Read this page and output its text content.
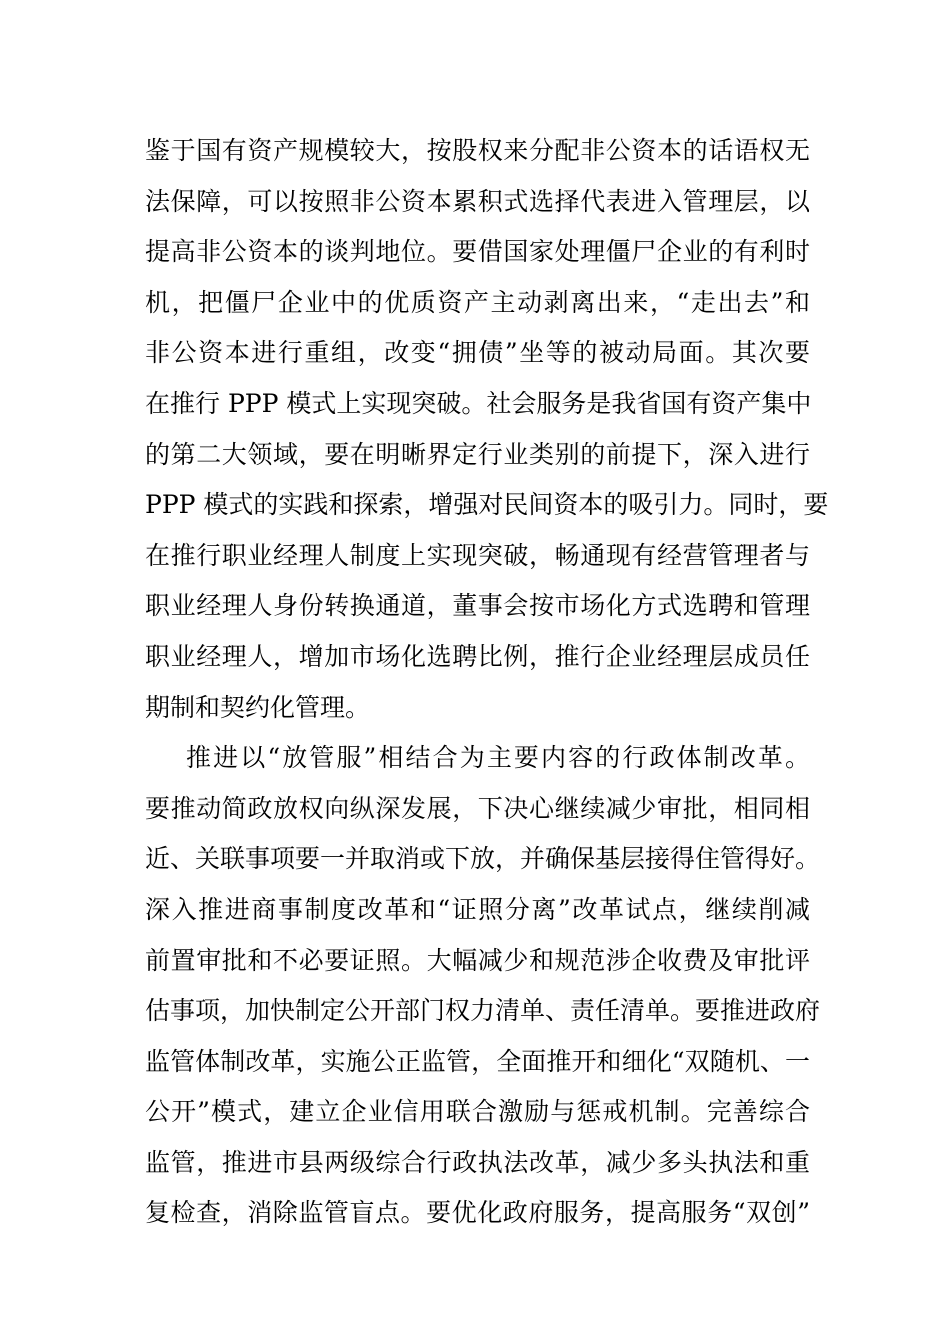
鉴于国有资产规模较大，按股权来分配非公资本的话语权无
法保障，可以按照非公资本累积式选择代表进入管理层，以
提高非公资本的谈判地位。要借国家处理僵尸企业的有利时
机，把僵尸企业中的优质资产主动剥离出来，“走出去”和
非公资本进行重组，改变“拥债”坐等的被动局面。其次要
在推行 PPP 模式上实现突破。社会服务是我省国有资产集中
的第二大领域，要在明晰界定行业类别的前提下，深入进行
PPP 模式的实践和探索，增强对民间资本的吸引力。同时，要
在推行职业经理人制度上实现突破，畅通现有经营管理者与
职业经理人身份转换通道，董事会按市场化方式选聘和管理
职业经理人，增加市场化选聘比例，推行企业经理层成员任
期制和契约化管理。
推进以“放管服”相结合为主要内容的行政体制改革。
要推动简政放权向纵深发展，下决心继续减少审批，相同相
近、关联事项要一并取消或下放，并确保基层接得住管得好。
深入推进商事制度改革和“证照分离”改革试点，继续削减
前置审批和不必要证照。大幅减少和规范涉企收费及审批评
估事项，加快制定公开部门权力清单、责任清单。要推进政府
监管体制改革，实施公正监管，全面推开和细化“双随机、一
公开”模式，建立企业信用联合激励与惩戒机制。完善综合
监管，推进市县两级综合行政执法改革，减少多头执法和重
复检查，消除监管盲点。要优化政府服务，提高服务“双创”
